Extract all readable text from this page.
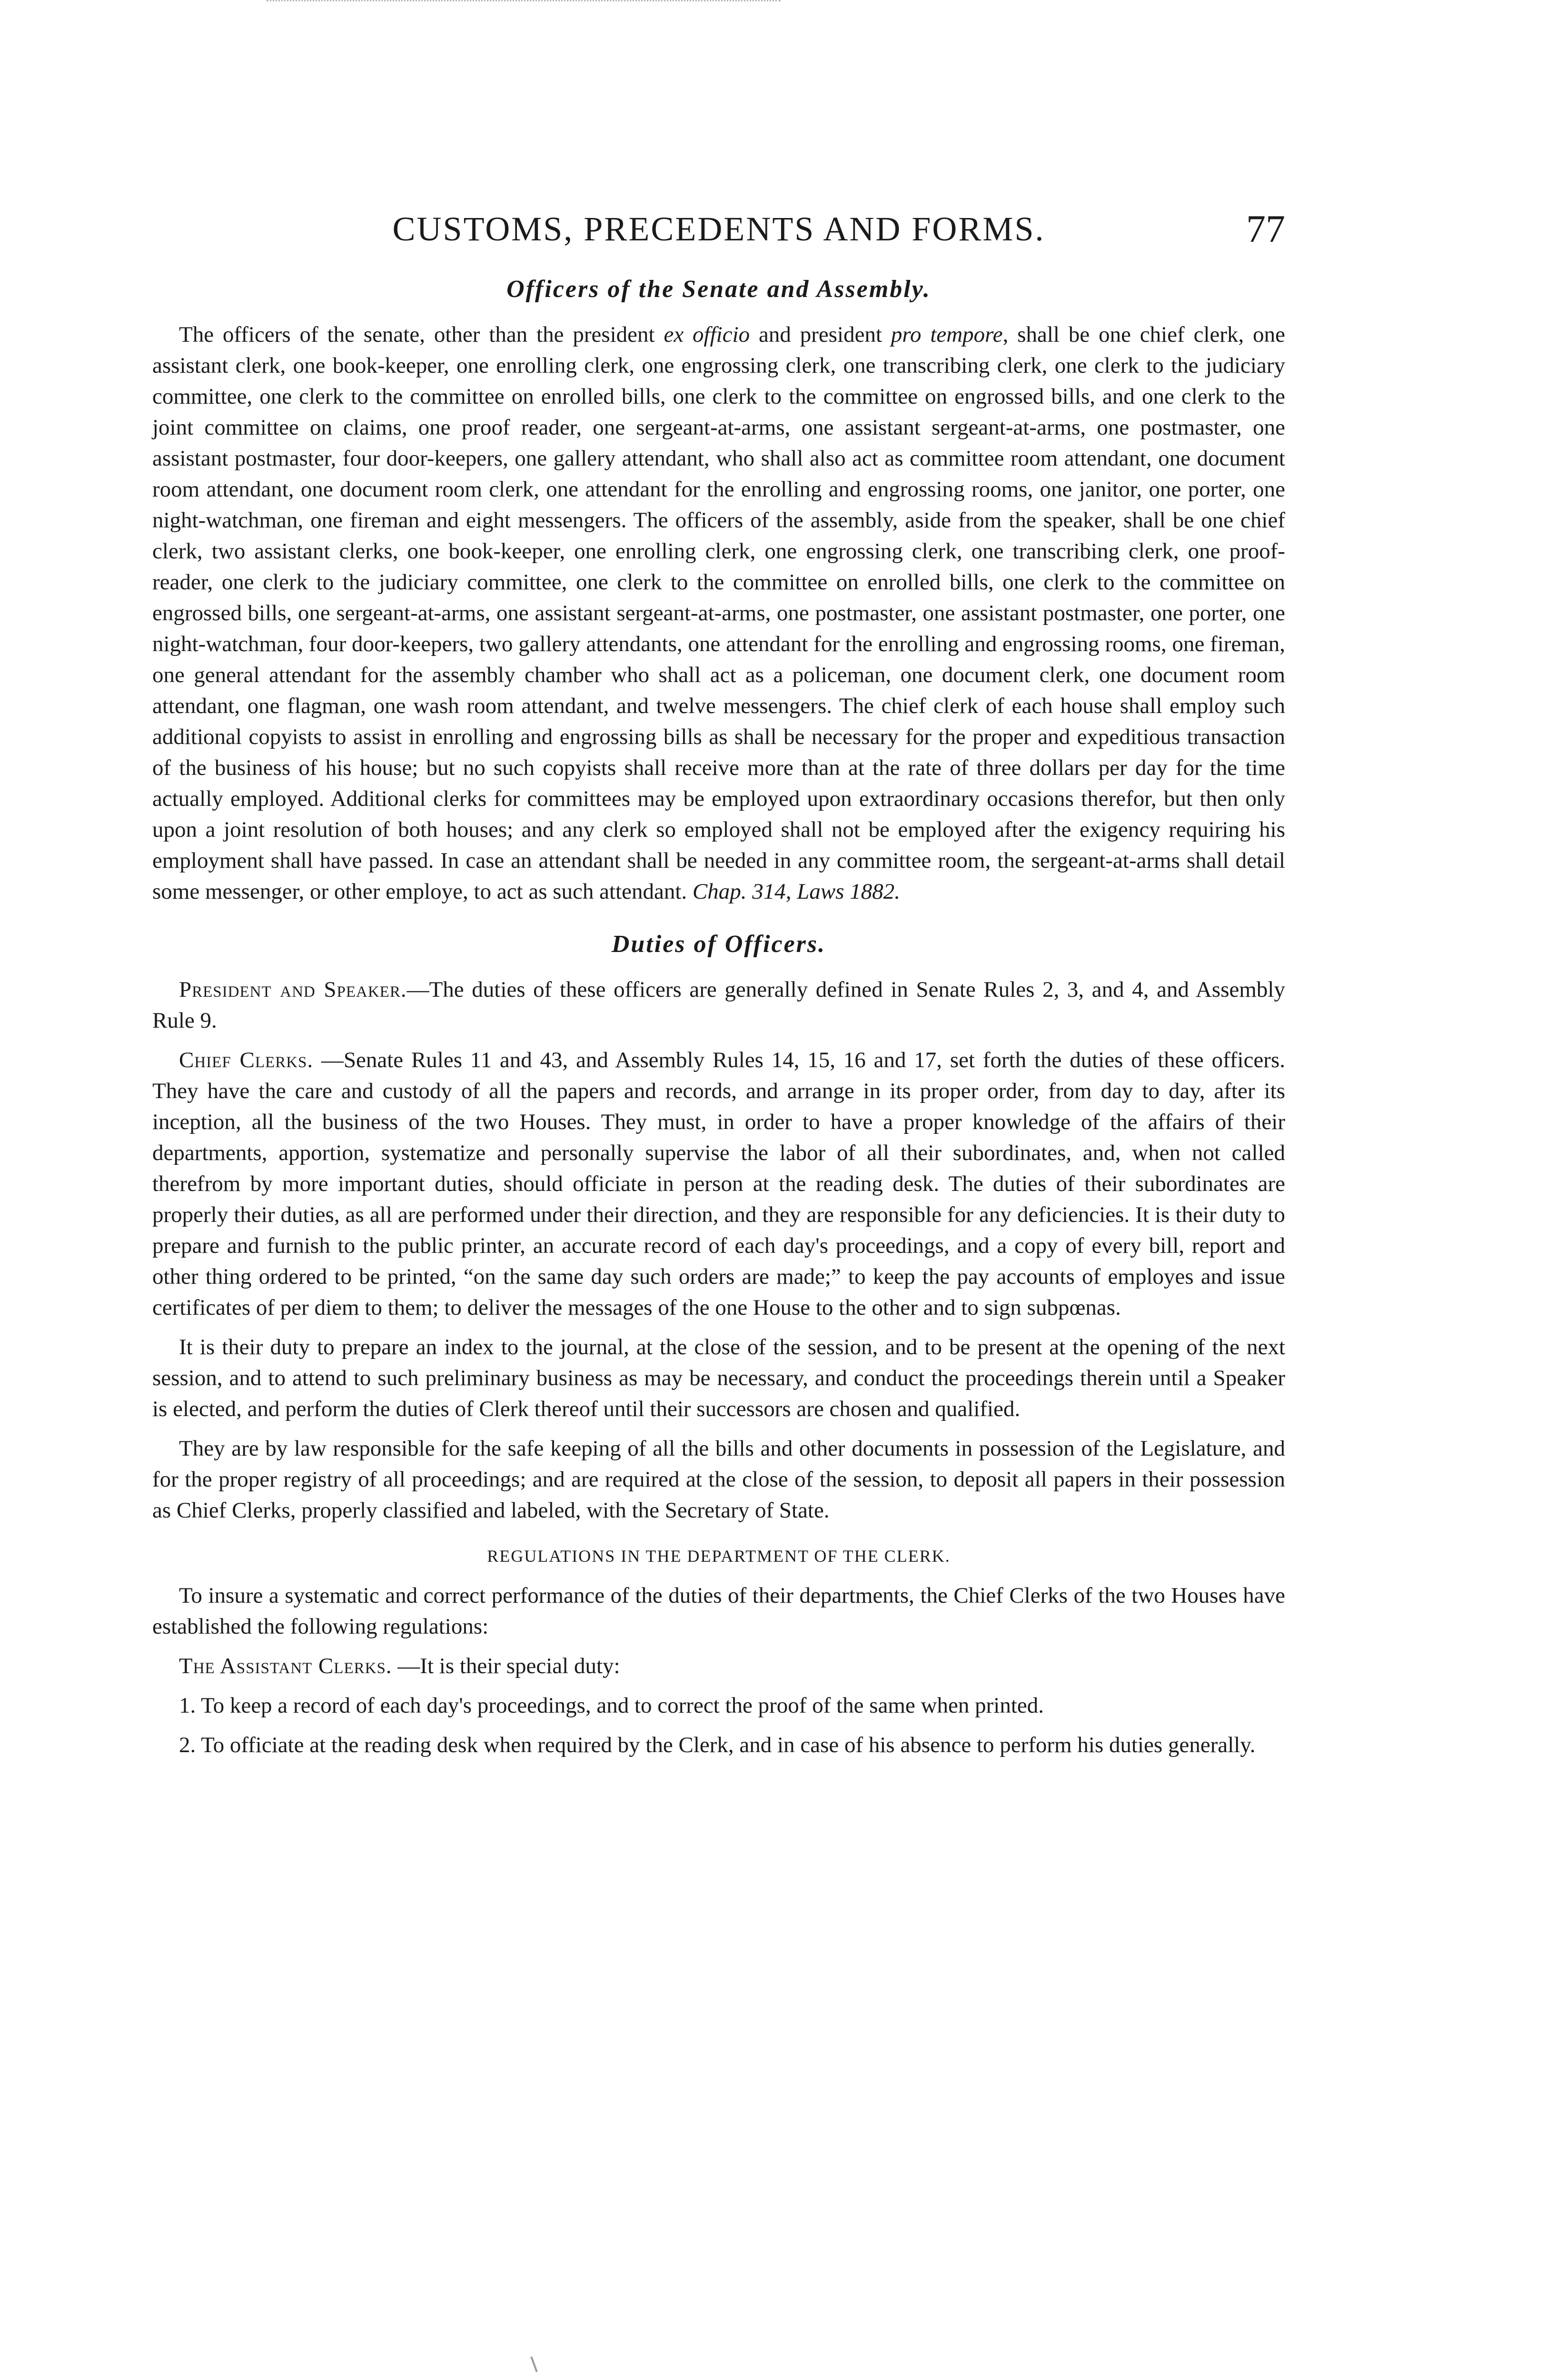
CUSTOMS, PRECEDENTS AND FORMS.	77
Officers of the Senate and Assembly.

The officers of the senate, other than the president ex officio and president pro tempore, shall be one chief clerk, one assistant clerk, one book-keeper, one enrolling clerk, one engrossing clerk, one transcribing clerk, one clerk to the judiciary committee, one clerk to the committee on enrolled bills, one clerk to the committee on engrossed bills, and one clerk to the joint committee on claims, one proof reader, one sergeant-at-arms, one assistant sergeant-at-arms, one postmaster, one assistant postmaster, four door-keepers, one gallery attendant, who shall also act as committee room attendant, one document room attendant, one document room clerk, one attendant for the enrolling and engrossing rooms, one janitor, one porter, one night-watchman, one fireman and eight messengers. The officers of the assembly, aside from the speaker, shall be one chief clerk, two assistant clerks, one book-keeper, one enrolling clerk, one engrossing clerk, one transcribing clerk, one proof-reader, one clerk to the judiciary committee, one clerk to the committee on enrolled bills, one clerk to the committee on engrossed bills, one sergeant-at-arms, one assistant sergeant-at-arms, one postmaster, one assistant postmaster, one porter, one night-watchman, four door-keepers, two gallery attendants, one attendant for the enrolling and engrossing rooms, one fireman, one general attendant for the assembly chamber who shall act as a policeman, one document clerk, one document room attendant, one flagman, one wash room attendant, and twelve messengers. The chief clerk of each house shall employ such additional copyists to assist in enrolling and engrossing bills as shall be necessary for the proper and expeditious transaction of the business of his house; but no such copyists shall receive more than at the rate of three dollars per day for the time actually employed. Additional clerks for committees may be employed upon extraordinary occasions therefor, but then only upon a joint resolution of both houses; and any clerk so employed shall not be employed after the exigency requiring his employment shall have passed. In case an attendant shall be needed in any committee room, the sergeant-at-arms shall detail some messenger, or other employe, to act as such attendant. Chap. 314, Laws 1882.

Duties of Officers.

President and Speaker.—The duties of these officers are generally defined in Senate Rules 2, 3, and 4, and Assembly Rule 9.

Chief Clerks. —Senate Rules 11 and 43, and Assembly Rules 14, 15, 16 and 17, set forth the duties of these officers. They have the care and custody of all the papers and records, and arrange in its proper order, from day to day, after its inception, all the business of the two Houses. They must, in order to have a proper knowledge of the affairs of their departments, apportion, systematize and personally supervise the labor of all their subordinates, and, when not called therefrom by more important duties, should officiate in person at the reading desk. The duties of their subordinates are properly their duties, as all are performed under their direction, and they are responsible for any deficiencies. It is their duty to prepare and furnish to the public printer, an accurate record of each day's proceedings, and a copy of every bill, report and other thing ordered to be printed, “on the same day such orders are made;” to keep the pay accounts of employes and issue certificates of per diem to them; to deliver the messages of the one House to the other and to sign subpœnas.

It is their duty to prepare an index to the journal, at the close of the session, and to be present at the opening of the next session, and to attend to such preliminary business as may be necessary, and conduct the proceedings therein until a Speaker is elected, and perform the duties of Clerk thereof until their successors are chosen and qualified.

They are by law responsible for the safe keeping of all the bills and other documents in possession of the Legislature, and for the proper registry of all proceedings; and are required at the close of the session, to deposit all papers in their possession as Chief Clerks, properly classified and labeled, with the Secretary of State.

REGULATIONS IN THE DEPARTMENT OF THE CLERK.

To insure a systematic and correct performance of the duties of their departments, the Chief Clerks of the two Houses have established the following regulations:

The Assistant Clerks. —It is their special duty:

1. To keep a record of each day's proceedings, and to correct the proof of the same when printed.

2. To officiate at the reading desk when required by the Clerk, and in case of his absence to perform his duties generally.
